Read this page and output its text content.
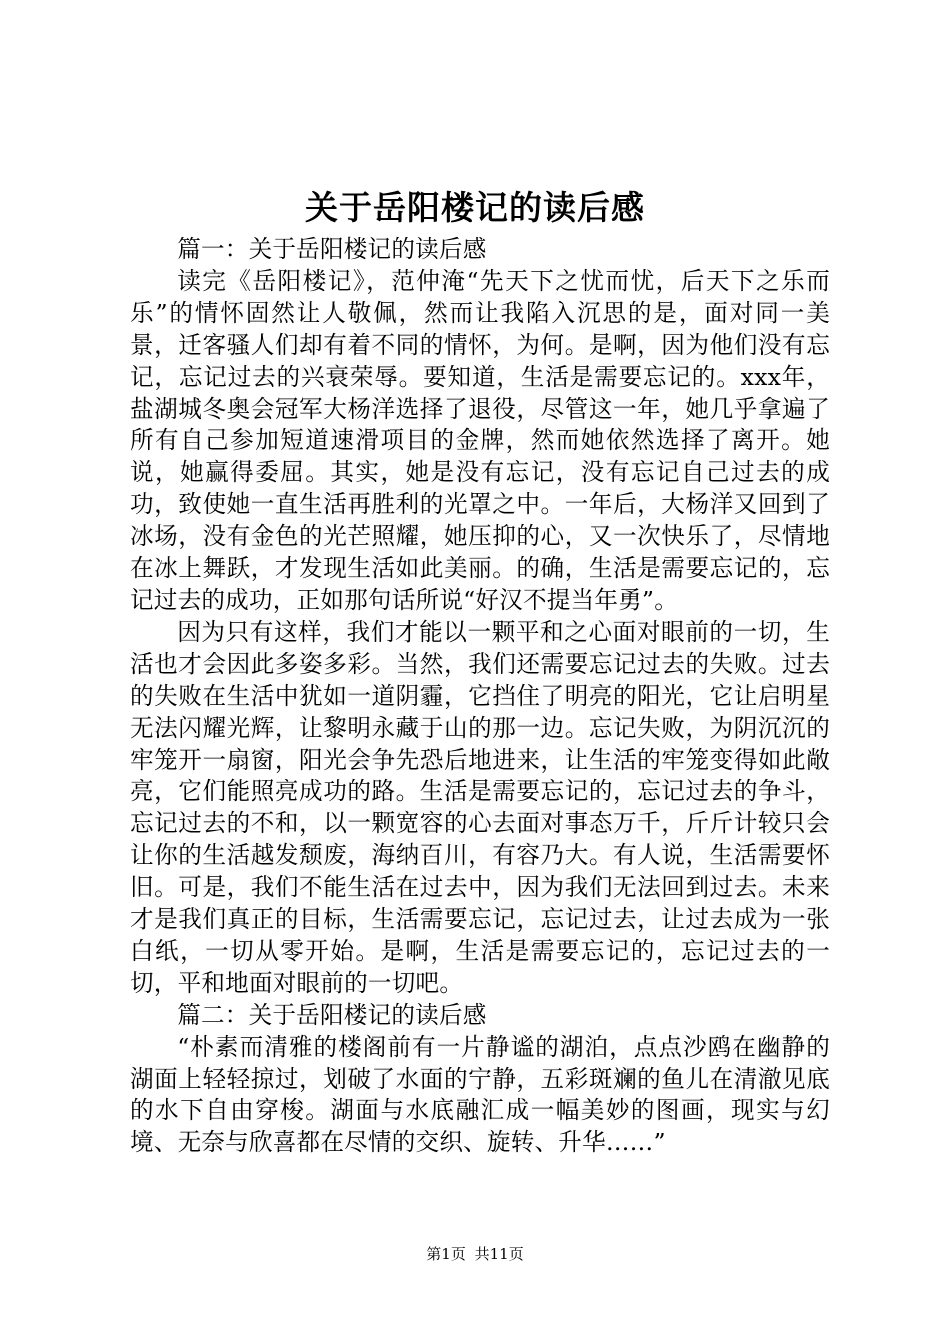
关于岳阳楼记的读后感

篇一：关于岳阳楼记的读后感

读完《岳阳楼记》，范仲淹“先天下之忧而忧，后天下之乐而乐”的情怀固然让人敬佩，然而让我陷入沉思的是，面对同一美景，迁客骚人们却有着不同的情怀，为何。是啊，因为他们没有忘记，忘记过去的兴衰荣辱。要知道，生活是需要忘记的。xxx年，盐湖城冬奥会冠军大杨洋选择了退役，尽管这一年，她几乎拿遍了所有自己参加短道速滑项目的金牌，然而她依然选择了离开。她说，她赢得委屈。其实，她是没有忘记，没有忘记自己过去的成功，致使她一直生活再胜利的光罩之中。一年后，大杨洋又回到了冰场，没有金色的光芒照耀，她压抑的心，又一次快乐了，尽情地在冰上舞跃，才发现生活如此美丽。的确，生活是需要忘记的，忘记过去的成功，正如那句话所说“好汉不提当年勇”。

因为只有这样，我们才能以一颗平和之心面对眼前的一切，生活也才会因此多姿多彩。当然，我们还需要忘记过去的失败。过去的失败在生活中犹如一道阴霾，它挡住了明亮的阳光，它让启明星无法闪耀光辉，让黎明永藏于山的那一边。忘记失败，为阴沉沉的牢笼开一扇窗，阳光会争先恐后地进来，让生活的牢笼变得如此敞亮，它们能照亮成功的路。生活是需要忘记的，忘记过去的争斗，忘记过去的不和，以一颗宽容的心去面对事态万千，斤斤计较只会让你的生活越发颓废，海纳百川，有容乃大。有人说，生活需要怀旧。可是，我们不能生活在过去中，因为我们无法回到过去。未来才是我们真正的目标，生活需要忘记，忘记过去，让过去成为一张白纸，一切从零开始。是啊，生活是需要忘记的，忘记过去的一切，平和地面对眼前的一切吧。

篇二：关于岳阳楼记的读后感

“朴素而清雅的楼阁前有一片静谧的湖泊，点点沙鸥在幽静的湖面上轻轻掠过，划破了水面的宁静，五彩斑斓的鱼儿在清澈见底的水下自由穿梭。湖面与水底融汇成一幅美妙的图画，现实与幻境、无奈与欣喜都在尽情的交织、旋转、升华……”

第1页 共11页
